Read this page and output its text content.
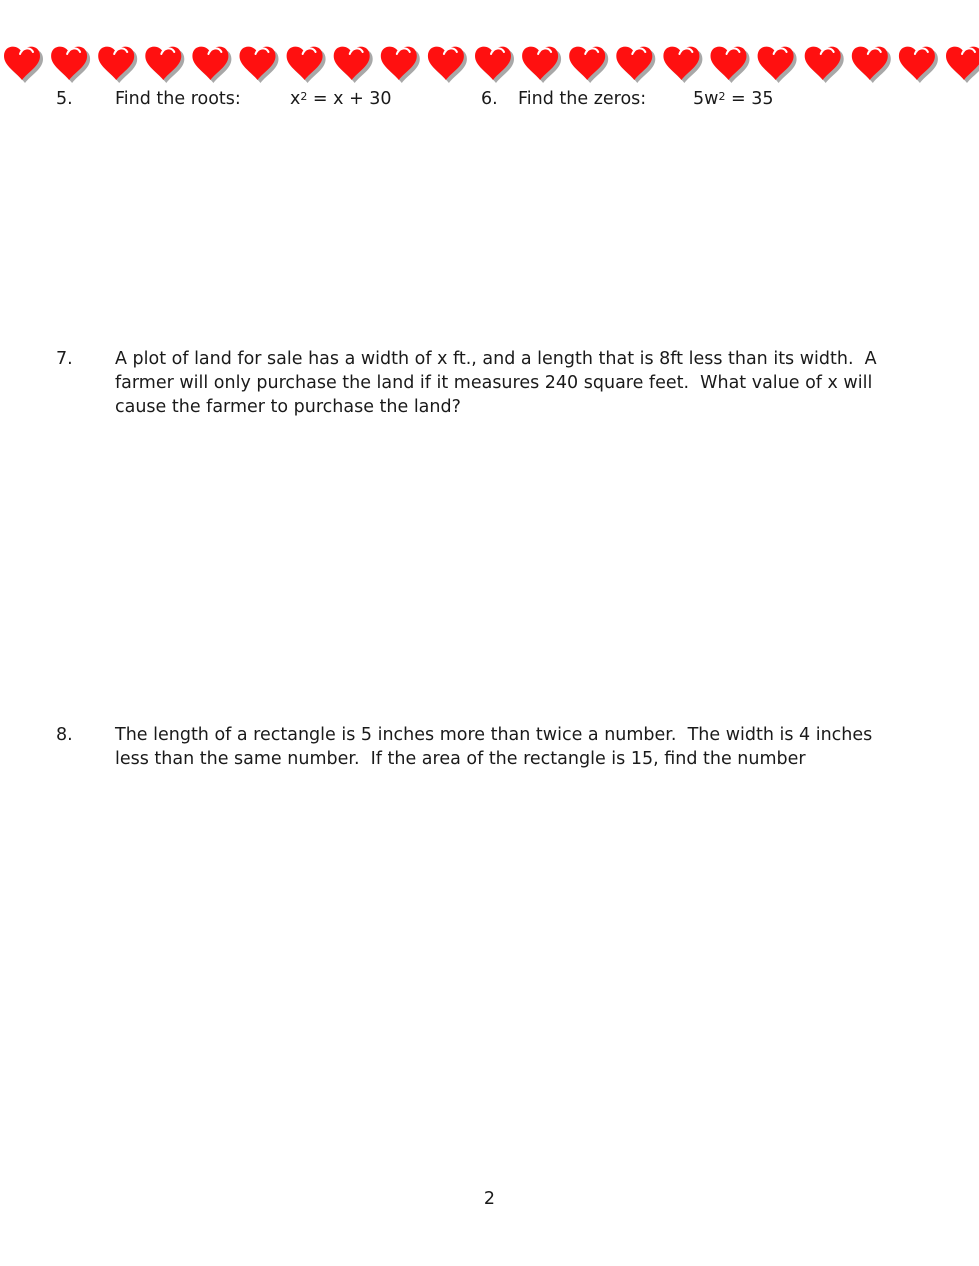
5. Find the roots:	$x^2 = x + 30$	6. Find the zeros:	$5w^2 = 35$
7. A plot of land for sale has a width of x ft., and a length that is 8ft less than its width.  A
farmer will only purchase the land if it measures 240 square feet.  What value of x will
cause the farmer to purchase the land?
8. The length of a rectangle is 5 inches more than twice a number.  The width is 4 inches
less than the same number.  If the area of the rectangle is 15, find the number
2
